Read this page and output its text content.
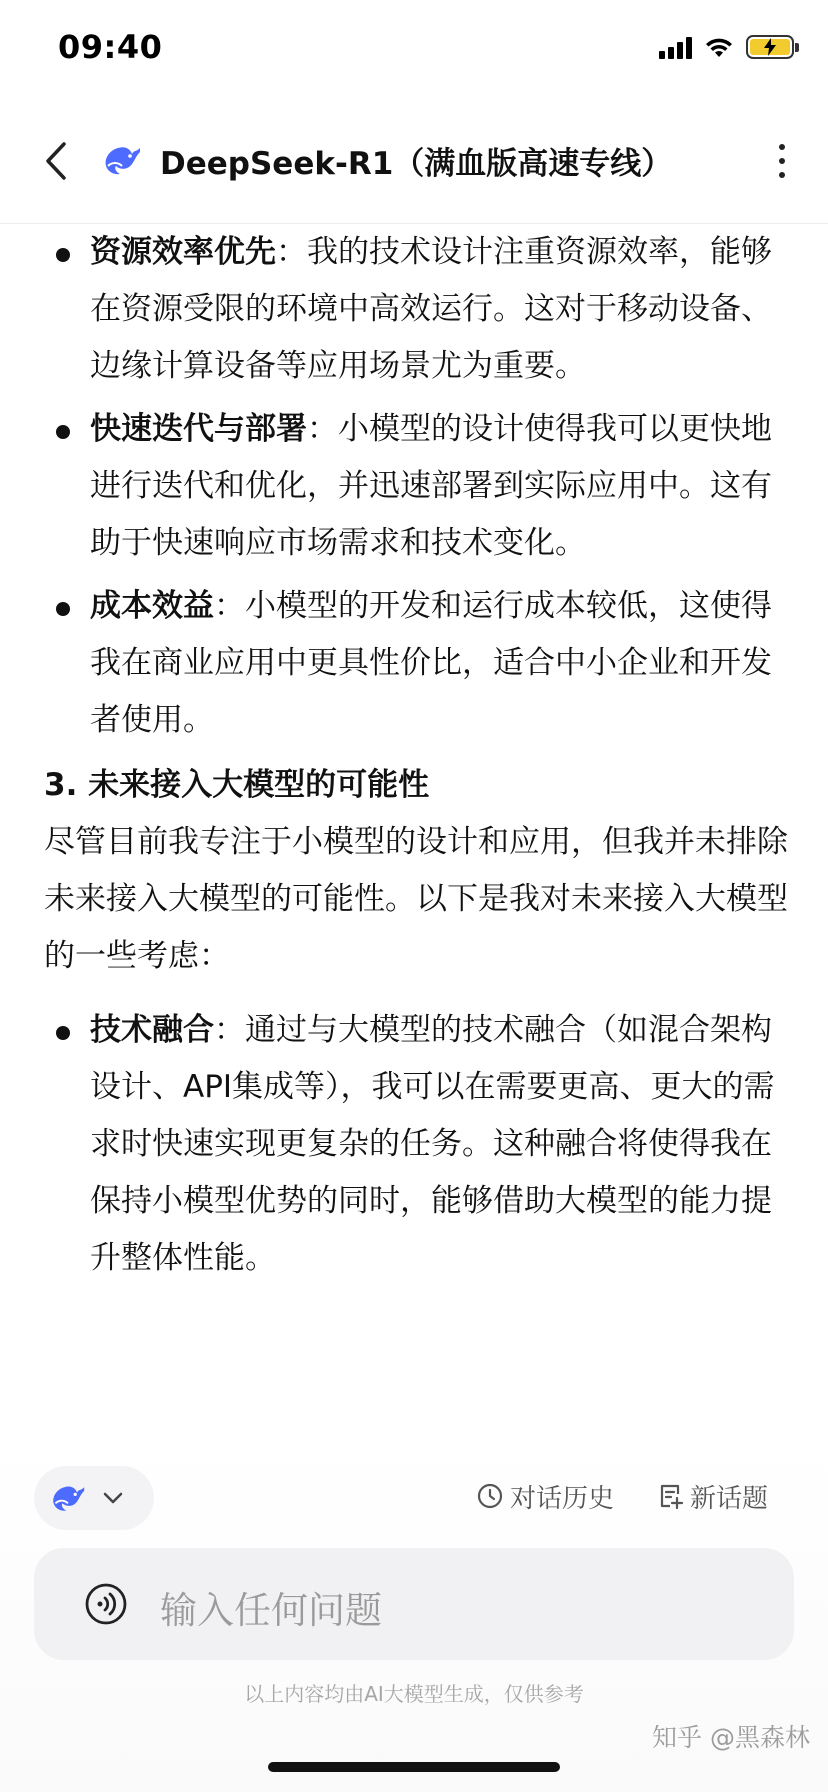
09:40
DeepSeek-R1（满血版高速专线）
资源效率优先：我的技术设计注重资源效率，能够在资源受限的环境中高效运行。这对于移动设备、边缘计算设备等应用场景尤为重要。
快速迭代与部署：小模型的设计使得我可以更快地进行迭代和优化，并迅速部署到实际应用中。这有助于快速响应市场需求和技术变化。
成本效益：小模型的开发和运行成本较低，这使得我在商业应用中更具性价比，适合中小企业和开发者使用。
3. 未来接入大模型的可能性
尽管目前我专注于小模型的设计和应用，但我并未排除未来接入大模型的可能性。以下是我对未来接入大模型的一些考虑：
技术融合：通过与大模型的技术融合（如混合架构设计、API集成等），我可以在需要更高、更大的需求时快速实现更复杂的任务。这种融合将使得我在保持小模型优势的同时，能够借助大模型的能力提升整体性能。
对话历史	新话题
输入任何问题
以上内容均由AI大模型生成，仅供参考
知乎 @黑森林
